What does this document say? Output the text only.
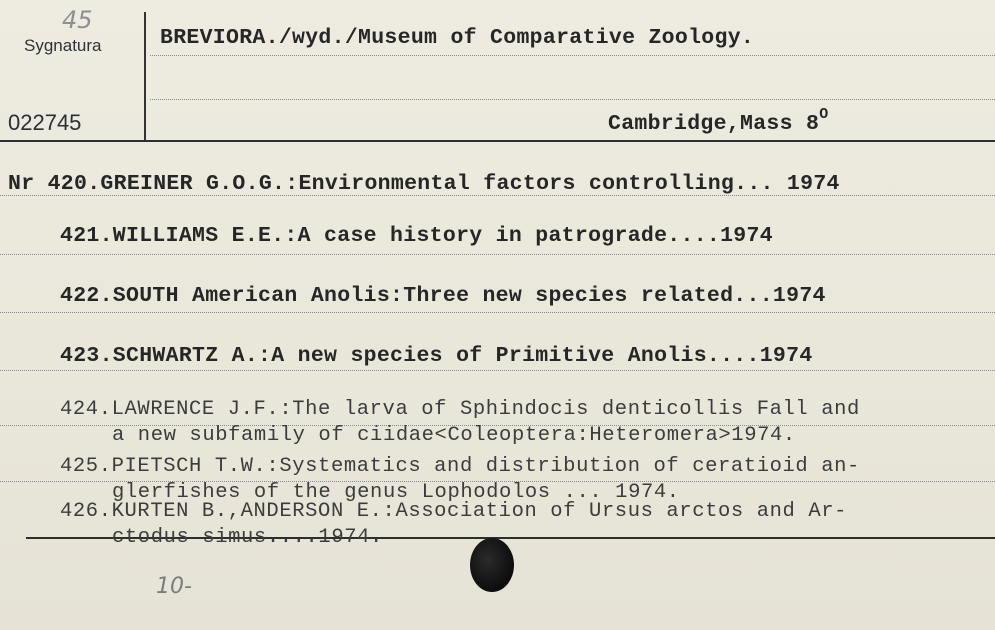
45
Sygnatura
022745
BREVIORA./wyd./Museum of Comparative Zoology.
Cambridge,Mass $8^O$
Nr 420.GREINER G.O.G.:Environmental factors controlling... 1974
421.WILLIAMS E.E.:A case history in patrograde....1974
422.SOUTH American Anolis:Three new species related...1974
423.SCHWARTZ A.:A new species of Primitive Anolis....1974
424.LAWRENCE J.F.:The larva of Sphindocis denticollis Fall and
a new subfamily of ciidae<Coleoptera:Heteromera>1974.
425.PIETSCH T.W.:Systematics and distribution of ceratioid an-
glerfishes of the genus Lophodolos ... 1974.
426.KURTEN B.,ANDERSON E.:Association of Ursus arctos and Ar-
ctodus simus....1974.
10-
